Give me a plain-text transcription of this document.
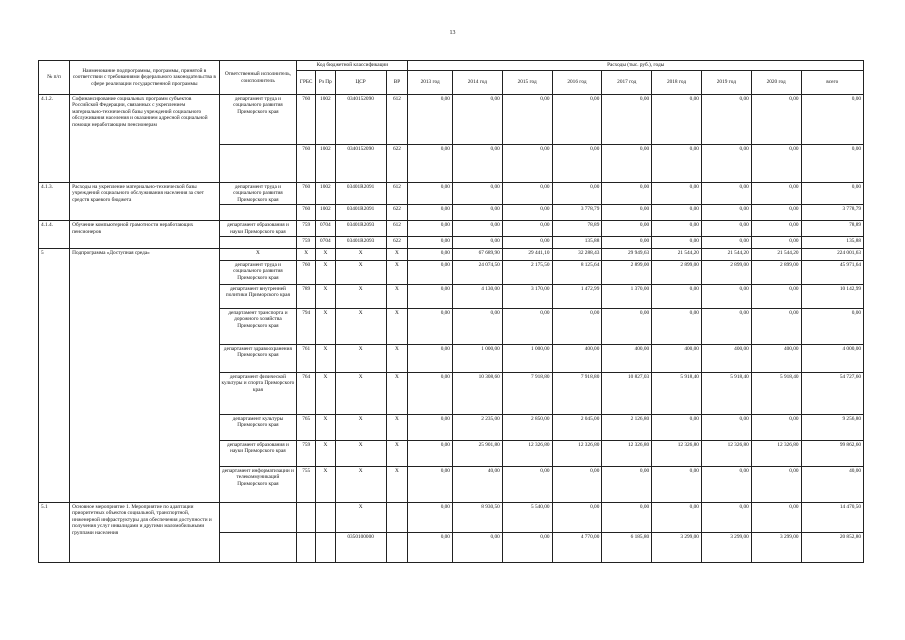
13
№ п/п	Наименование подпрограммы, программы, принятой в соответствии с требованиями федерального законодательства в сфере реализации государственной программы	Ответственный исполнитель, соисполнитель	Код бюджетной классификации				Расходы (тыс. руб.), годы								
			ГРБС	Рз Пр	ЦСР	ВР	2013 год	2014 год	2015 год	2016 год	2017 год	2018 год	2019 год	2020 год	всего

4.1.2.	Софинансирование социальных программ субъектов Российской Федерации, связанных с укреплением материально-технической базы учреждений социального обслуживания населения и оказанием адресной социальной помощи неработающим пенсионерам	департамент труда и социального развития Приморского края	760	1002	0340152090	612	0,00	0,00	0,00	0,00	0,00	0,00	0,00	0,00	0,00
			760	1002	0340152090	622	0,00	0,00	0,00	0,00	0,00	0,00	0,00	0,00	0,00
4.1.3.	Расходы на укрепление материально-технической базы учреждений социального обслуживания населения за счет средств краевого бюджета	департамент труда и социального развития Приморского края	760	1002	03401R2091	612	0,00	0,00	0,00	0,00	0,00	0,00	0,00	0,00	0,00
			760	1002	03401R2091	622	0,00	0,00	0,00	3 778,79	0,00	0,00	0,00	0,00	3 778,79
4.1.4.	Обучение компьютерной грамотности неработающих пенсионеров	департамент образования и науки Приморского края	759	0704	03401R2093	612	0,00	0,00	0,00	78,89	0,00	0,00	0,00	0,00	78,89
			759	0704	03401R2093	622	0,00	0,00	0,00	135,88	0,00	0,00	0,00	0,00	135,88
5	Подпрограмма «Доступная среда»	X	X	X	X	X	0,00	67 689,90	29 441,10	32 288,43	29 949,63	21 544,20	21 544,20	21 544,20	224 001,63
		департамент труда и социального развития Приморского края	760	X	X	X	0,00	24 074,50	2 175,50	8 125,64	2 899,00	2 899,00	2 899,00	2 899,00	45 971,64
		департамент внутренней политики Приморского края	789	X	X	X	0,00	4 130,00	3 170,00	1 472,99	1 370,00	0,00	0,00	0,00	10 142,99
		департамент транспорта и дорожного хозяйства Приморского края	794	X	X	X	0,00	0,00	0,00	0,00	0,00	0,00	0,00	0,00	0,00
		департамент здравоохранения Приморского края	761	X	X	X	0,00	1 000,00	1 000,00	400,00	400,00	400,00	400,00	400,00	4 000,00
		департамент физической культуры и спорта Приморского края	764	X	X	X	0,00	10 308,60	7 918,80	7 918,80	10 827,03	5 918,40	5 918,40	5 918,40	54 727,60
		департамент культуры Приморского края	765	X	X	X	0,00	2 235,00	2 850,00	2 045,00	2 126,80	0,00	0,00	0,00	9 256,80
		департамент образования и науки Приморского края	759	X	X	X	0,00	25 901,80	12 326,80	12 326,80	12 326,80	12 326,80	12 326,80	12 326,80	99 862,60
		департамент информатизации и телекоммуникаций Приморского края	755	X	X	X	0,00	40,00	0,00	0,00	0,00	0,00	0,00	0,00	40,00
5.1	Основное мероприятие 1. Мероприятие по адаптации приоритетных объектов социальной, транспортной, инженерной инфраструктуры для обеспечения доступности и получения услуг инвалидами и другими маломобильными группами населения				X		0,00	8 930,50	5 540,00	0,00	0,00	0,00	0,00	0,00	14 470,50
					0350100000		0,00	0,00	0,00	4 770,00	6 185,80	3 299,00	3 299,00	3 299,00	20 852,80
